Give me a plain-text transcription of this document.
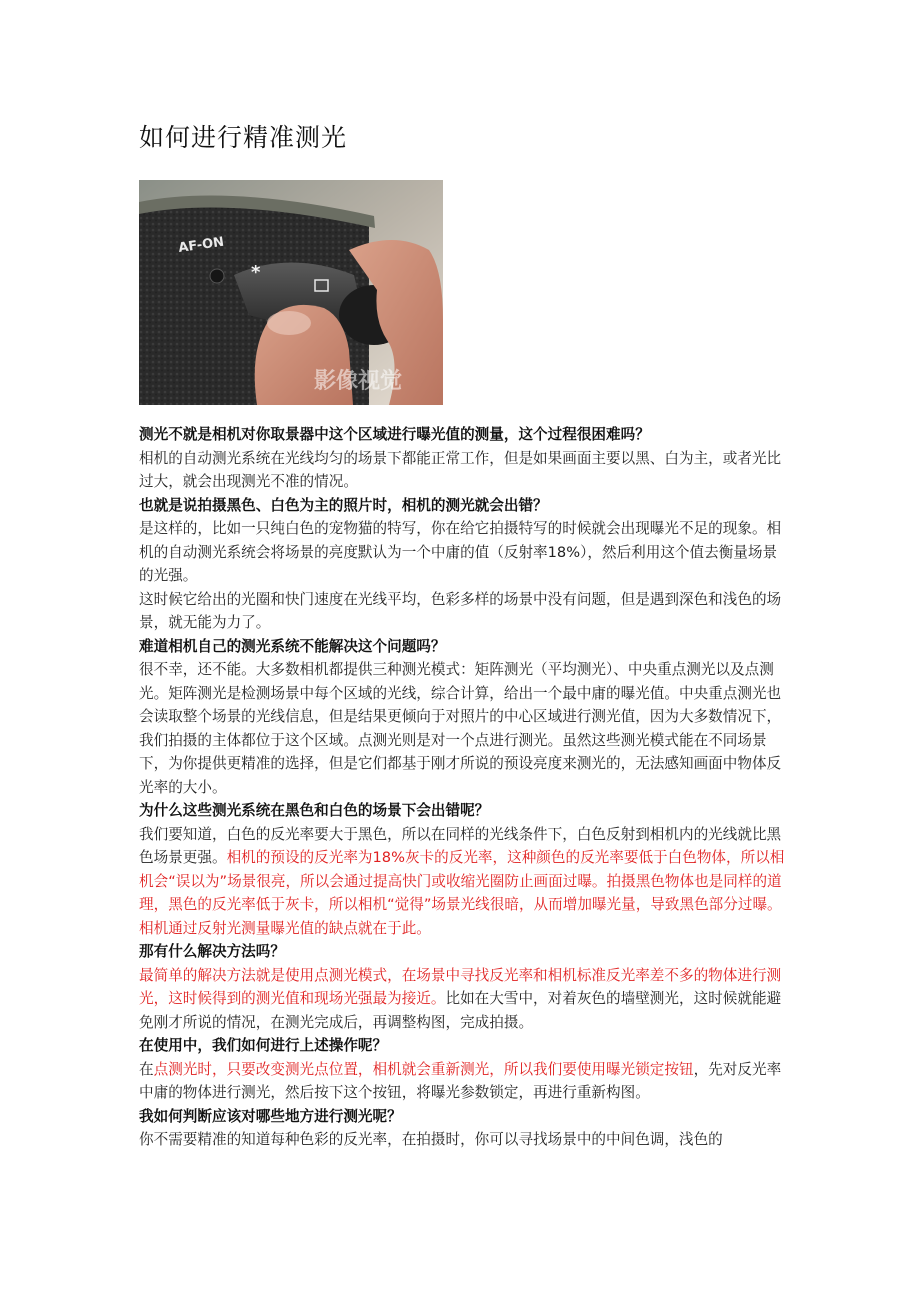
如何进行精准测光
AF-ON
*
影像视觉

测光不就是相机对你取景器中这个区域进行曝光值的测量，这个过程很困难吗？

相机的自动测光系统在光线均匀的场景下都能正常工作，但是如果画面主要以黑、白为主，或者光比过大，就会出现测光不准的情况。

也就是说拍摄黑色、白色为主的照片时，相机的测光就会出错？

是这样的，比如一只纯白色的宠物猫的特写，你在给它拍摄特写的时候就会出现曝光不足的现象。相机的自动测光系统会将场景的亮度默认为一个中庸的值（反射率18%），然后利用这个值去衡量场景的光强。

这时候它给出的光圈和快门速度在光线平均，色彩多样的场景中没有问题，但是遇到深色和浅色的场景，就无能为力了。

难道相机自己的测光系统不能解决这个问题吗？

很不幸，还不能。大多数相机都提供三种测光模式：矩阵测光（平均测光）、中央重点测光以及点测光。矩阵测光是检测场景中每个区域的光线，综合计算，给出一个最中庸的曝光值。中央重点测光也会读取整个场景的光线信息，但是结果更倾向于对照片的中心区域进行测光值，因为大多数情况下，我们拍摄的主体都位于这个区域。点测光则是对一个点进行测光。虽然这些测光模式能在不同场景下，为你提供更精准的选择，但是它们都基于刚才所说的预设亮度来测光的，无法感知画面中物体反光率的大小。

为什么这些测光系统在黑色和白色的场景下会出错呢？

我们要知道，白色的反光率要大于黑色，所以在同样的光线条件下，白色反射到相机内的光线就比黑色场景更强。相机的预设的反光率为18%灰卡的反光率，这种颜色的反光率要低于白色物体，所以相机会“误以为”场景很亮，所以会通过提高快门或收缩光圈防止画面过曝。拍摄黑色物体也是同样的道理，黑色的反光率低于灰卡，所以相机“觉得”场景光线很暗，从而增加曝光量，导致黑色部分过曝。相机通过反射光测量曝光值的缺点就在于此。

那有什么解决方法吗？

最简单的解决方法就是使用点测光模式，在场景中寻找反光率和相机标准反光率差不多的物体进行测光，这时候得到的测光值和现场光强最为接近。比如在大雪中，对着灰色的墙壁测光，这时候就能避免刚才所说的情况，在测光完成后，再调整构图，完成拍摄。

在使用中，我们如何进行上述操作呢？

在点测光时，只要改变测光点位置，相机就会重新测光，所以我们要使用曝光锁定按钮，先对反光率中庸的物体进行测光，然后按下这个按钮，将曝光参数锁定，再进行重新构图。

我如何判断应该对哪些地方进行测光呢？

你不需要精准的知道每种色彩的反光率，在拍摄时，你可以寻找场景中的中间色调，浅色的
